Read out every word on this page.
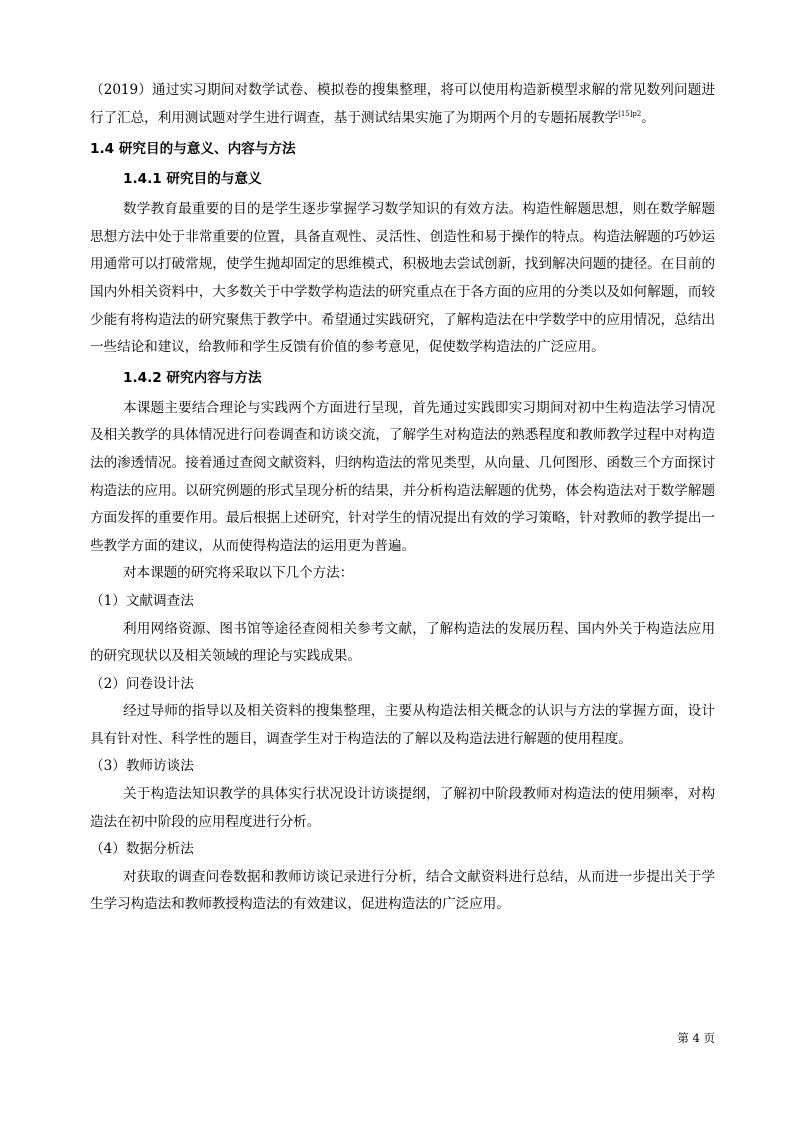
（2019）通过实习期间对数学试卷、模拟卷的搜集整理，将可以使用构造新模型求解的常见数列问题进行了汇总，利用测试题对学生进行调查，基于测试结果实施了为期两个月的专题拓展教学$^{[15]p2}$。

1.4 研究目的与意义、内容与方法
1.4.1 研究目的与意义

数学教育最重要的目的是学生逐步掌握学习数学知识的有效方法。构造性解题思想，则在数学解题思想方法中处于非常重要的位置，具备直观性、灵活性、创造性和易于操作的特点。构造法解题的巧妙运用通常可以打破常规，使学生抛却固定的思维模式，积极地去尝试创新，找到解决问题的捷径。在目前的国内外相关资料中，大多数关于中学数学构造法的研究重点在于各方面的应用的分类以及如何解题，而较少能有将构造法的研究聚焦于教学中。希望通过实践研究，了解构造法在中学数学中的应用情况，总结出一些结论和建议，给教师和学生反馈有价值的参考意见，促使数学构造法的广泛应用。

1.4.2 研究内容与方法

本课题主要结合理论与实践两个方面进行呈现，首先通过实践即实习期间对初中生构造法学习情况及相关教学的具体情况进行问卷调查和访谈交流，了解学生对构造法的熟悉程度和教师教学过程中对构造法的渗透情况。接着通过查阅文献资料，归纳构造法的常见类型，从向量、几何图形、函数三个方面探讨构造法的应用。以研究例题的形式呈现分析的结果，并分析构造法解题的优势，体会构造法对于数学解题方面发挥的重要作用。最后根据上述研究，针对学生的情况提出有效的学习策略，针对教师的教学提出一些教学方面的建议，从而使得构造法的运用更为普遍。

对本课题的研究将采取以下几个方法：

（1）文献调查法

利用网络资源、图书馆等途径查阅相关参考文献，了解构造法的发展历程、国内外关于构造法应用的研究现状以及相关领域的理论与实践成果。

（2）问卷设计法

经过导师的指导以及相关资料的搜集整理，主要从构造法相关概念的认识与方法的掌握方面，设计具有针对性、科学性的题目，调查学生对于构造法的了解以及构造法进行解题的使用程度。

（3）教师访谈法

关于构造法知识教学的具体实行状况设计访谈提纲，了解初中阶段教师对构造法的使用频率，对构造法在初中阶段的应用程度进行分析。

（4）数据分析法

对获取的调查问卷数据和教师访谈记录进行分析，结合文献资料进行总结，从而进一步提出关于学生学习构造法和教师教授构造法的有效建议，促进构造法的广泛应用。

第 4 页
